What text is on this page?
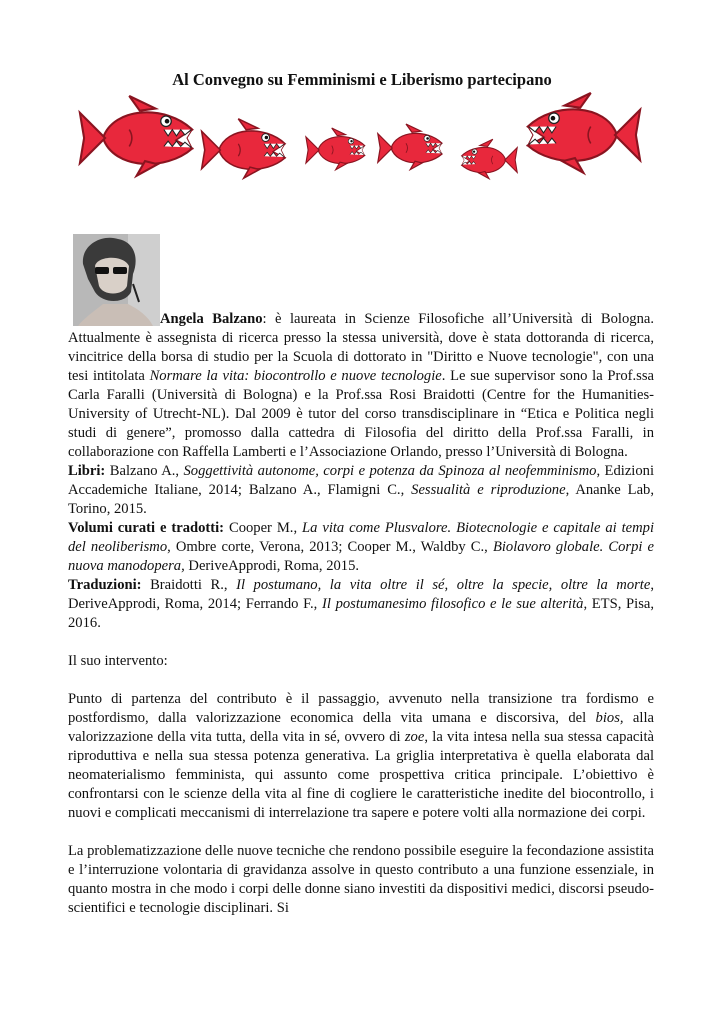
Al Convegno su Femminismi e Liberismo partecipano

Angela Balzano: è laureata in Scienze Filosofiche all’Università di Bologna. Attualmente è assegnista di ricerca presso la stessa università, dove è stata dottoranda di ricerca, vincitrice della borsa di studio per la Scuola di dottorato in "Diritto e Nuove tecnologie", con una tesi intitolata Normare la vita: biocontrollo e nuove tecnologie. Le sue supervisor sono la Prof.ssa Carla Faralli (Università di Bologna) e la Prof.ssa Rosi Braidotti (Centre for the Humanities-University of Utrecht-NL). Dal 2009 è tutor del corso transdisciplinare in “Etica e Politica negli studi di genere”, promosso dalla cattedra di Filosofia del diritto della Prof.ssa Faralli, in collaborazione con Raffella Lamberti e l’Associazione Orlando, presso l’Università di Bologna.

Libri: Balzano A., Soggettività autonome, corpi e potenza da Spinoza al neofemminismo, Edizioni Accademiche Italiane, 2014; Balzano A., Flamigni C., Sessualità e riproduzione, Ananke Lab, Torino, 2015.

Volumi curati e tradotti: Cooper M., La vita come Plusvalore. Biotecnologie e capitale ai tempi del neoliberismo, Ombre corte, Verona, 2013; Cooper M., Waldby C., Biolavoro globale. Corpi e nuova manodopera, DeriveApprodi, Roma, 2015.

Traduzioni: Braidotti R., Il postumano, la vita oltre il sé, oltre la specie, oltre la morte, DeriveApprodi, Roma, 2014; Ferrando F., Il postumanesimo filosofico e le sue alterità, ETS, Pisa, 2016.

Il suo intervento:

Punto di partenza del contributo è il passaggio, avvenuto nella transizione tra fordismo e postfordismo, dalla valorizzazione economica della vita umana e discorsiva, del bios, alla valorizzazione della vita tutta, della vita in sé, ovvero di zoe, la vita intesa nella sua stessa capacità riproduttiva e nella sua stessa potenza generativa. La griglia interpretativa è quella elaborata dal neomaterialismo femminista, qui assunto come prospettiva critica principale. L’obiettivo è confrontarsi con le scienze della vita al fine di cogliere le caratteristiche inedite del biocontrollo, i nuovi e complicati meccanismi di interrelazione tra sapere e potere volti alla normazione dei corpi.

La problematizzazione delle nuove tecniche che rendono possibile eseguire la fecondazione assistita e l’interruzione volontaria di gravidanza assolve in questo contributo a una funzione essenziale, in quanto mostra in che modo i corpi delle donne siano investiti da dispositivi medici, discorsi pseudo-scientifici e tecnologie disciplinari. Si
